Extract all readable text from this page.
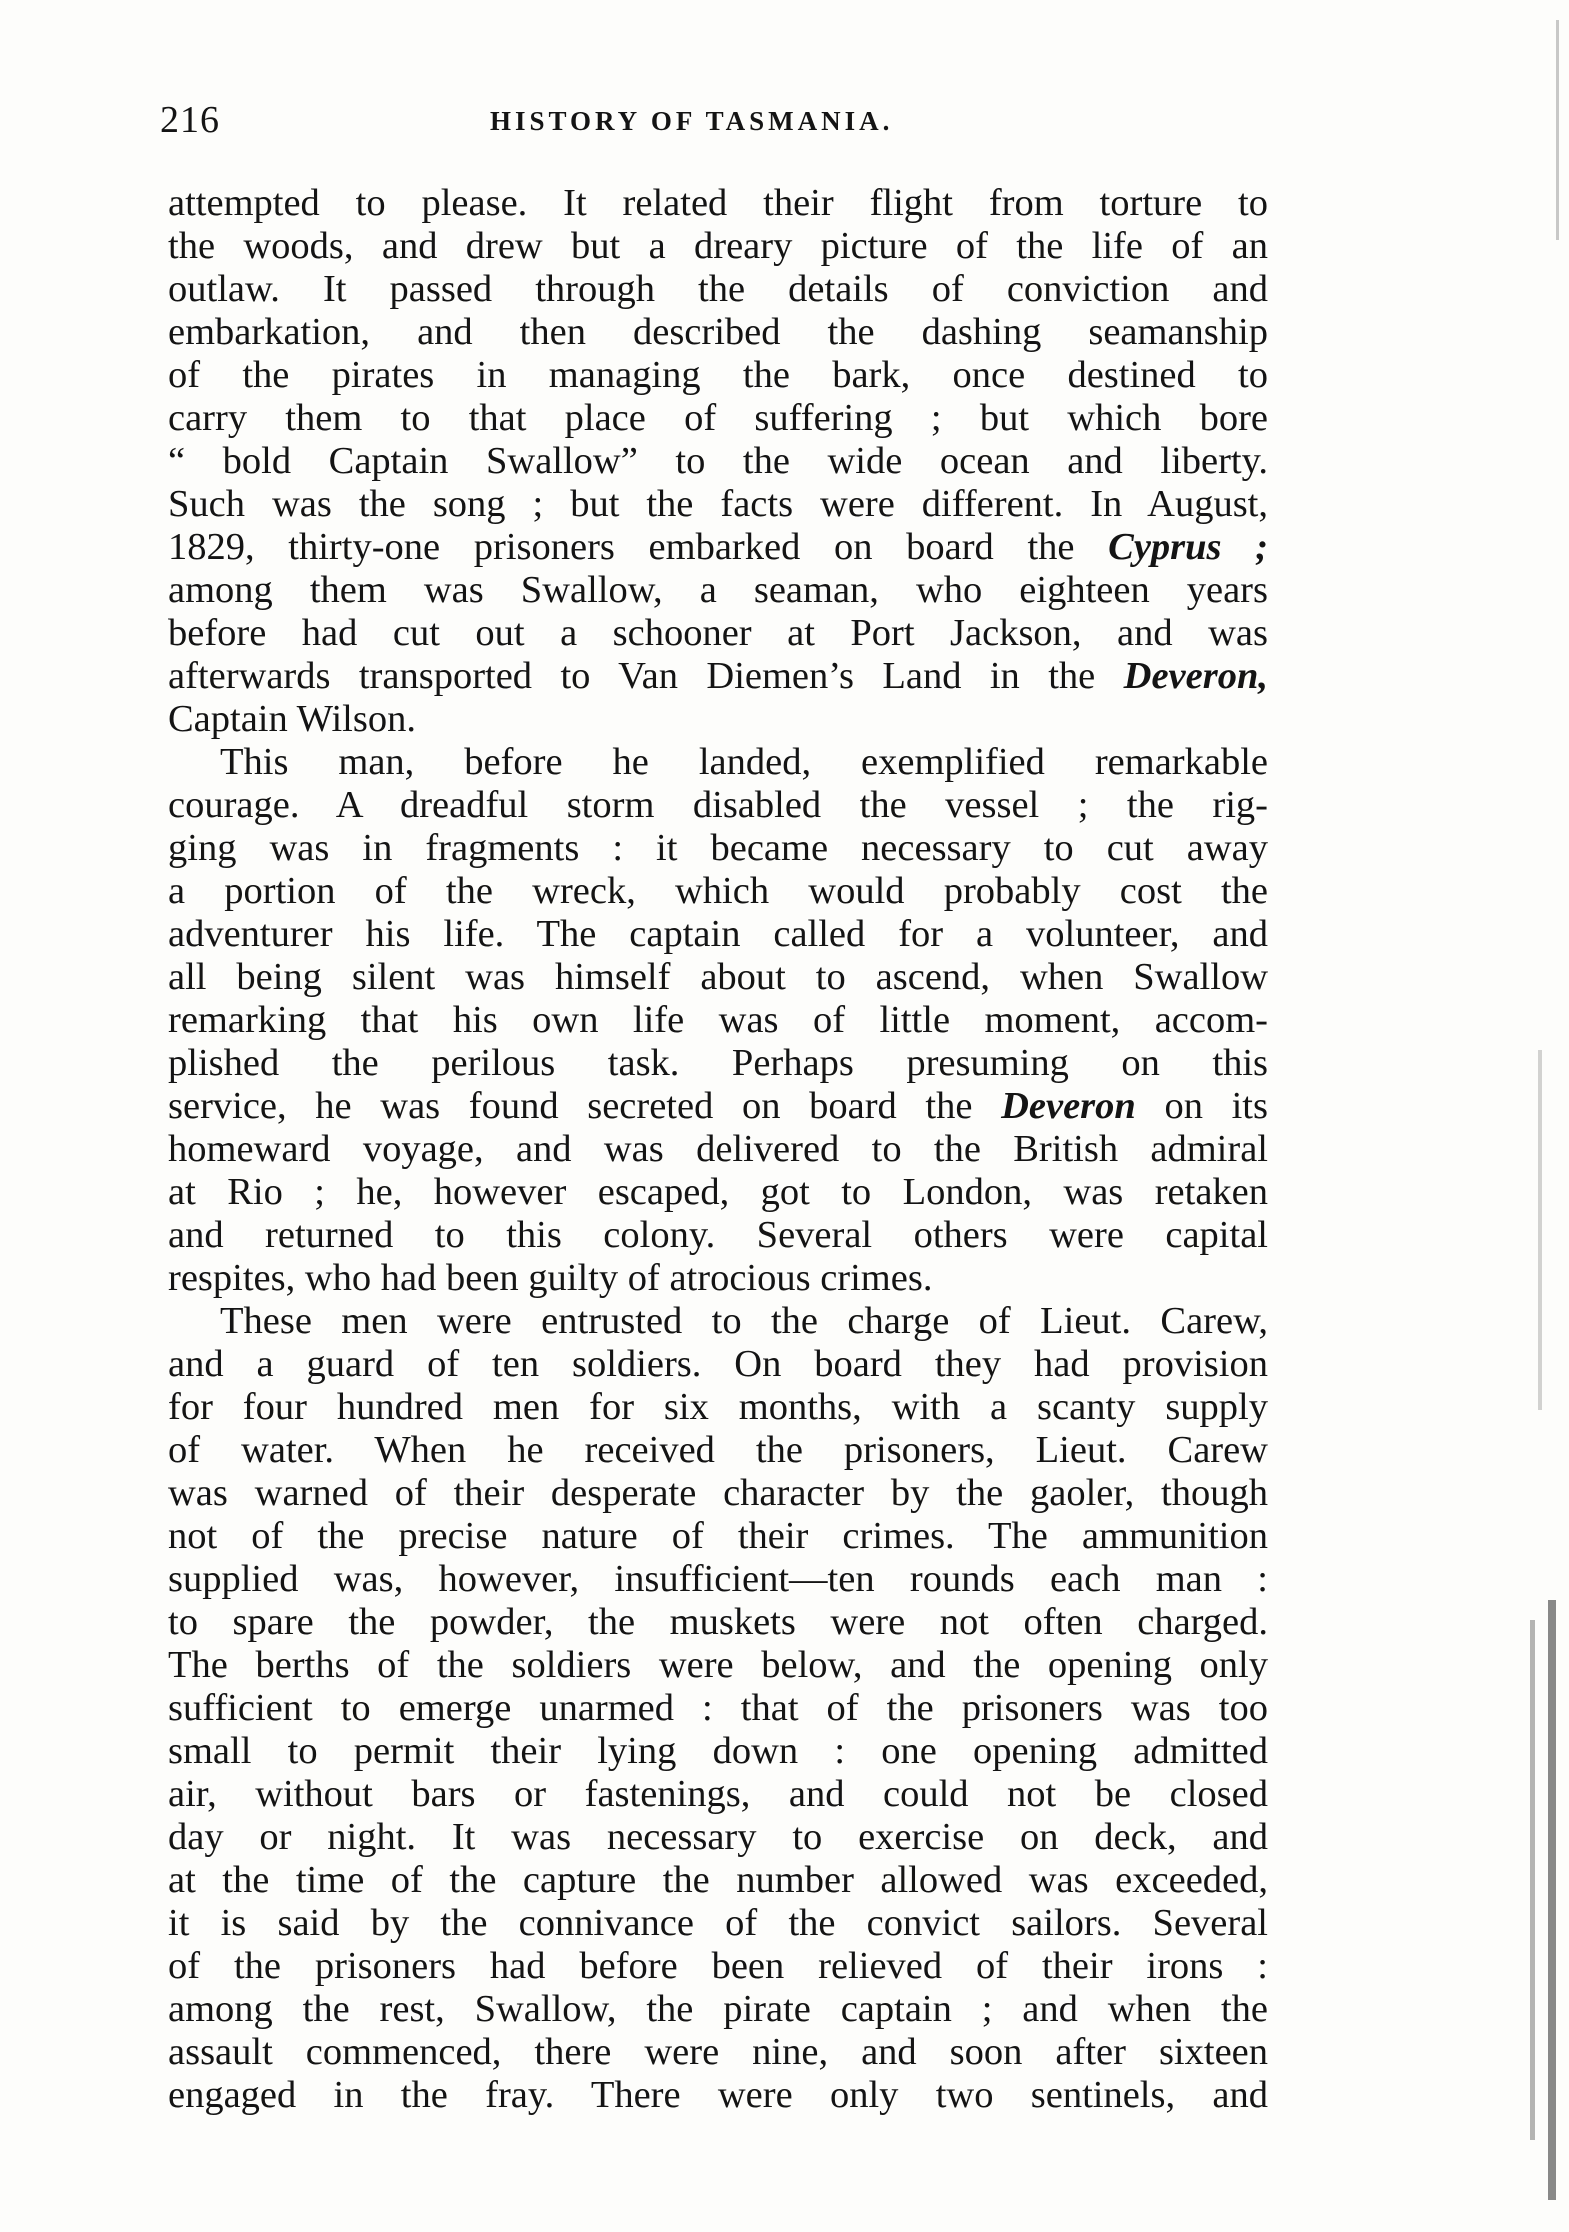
216	HISTORY OF TASMANIA.
attempted to please. It related their flight from torture to
the woods, and drew but a dreary picture of the life of an
outlaw. It passed through the details of conviction and
embarkation, and then described the dashing seamanship
of the pirates in managing the bark, once destined to
carry them to that place of suffering ; but which bore
“ bold Captain Swallow” to the wide ocean and liberty.
Such was the song ; but the facts were different. In August,
1829, thirty-one prisoners embarked on board the Cyprus ;
among them was Swallow, a seaman, who eighteen years
before had cut out a schooner at Port Jackson, and was
afterwards transported to Van Diemen’s Land in the Deveron,
Captain Wilson.
This man, before he landed, exemplified remarkable
courage. A dreadful storm disabled the vessel ; the rig-
ging was in fragments : it became necessary to cut away
a portion of the wreck, which would probably cost the
adventurer his life. The captain called for a volunteer, and
all being silent was himself about to ascend, when Swallow
remarking that his own life was of little moment, accom-
plished the perilous task. Perhaps presuming on this
service, he was found secreted on board the Deveron on its
homeward voyage, and was delivered to the British admiral
at Rio ; he, however escaped, got to London, was retaken
and returned to this colony. Several others were capital
respites, who had been guilty of atrocious crimes.
These men were entrusted to the charge of Lieut. Carew,
and a guard of ten soldiers. On board they had provision
for four hundred men for six months, with a scanty supply
of water. When he received the prisoners, Lieut. Carew
was warned of their desperate character by the gaoler, though
not of the precise nature of their crimes. The ammunition
supplied was, however, insufficient—ten rounds each man :
to spare the powder, the muskets were not often charged.
The berths of the soldiers were below, and the opening only
sufficient to emerge unarmed : that of the prisoners was too
small to permit their lying down : one opening admitted
air, without bars or fastenings, and could not be closed
day or night. It was necessary to exercise on deck, and
at the time of the capture the number allowed was exceeded,
it is said by the connivance of the convict sailors. Several
of the prisoners had before been relieved of their irons :
among the rest, Swallow, the pirate captain ; and when the
assault commenced, there were nine, and soon after sixteen
engaged in the fray. There were only two sentinels, and
